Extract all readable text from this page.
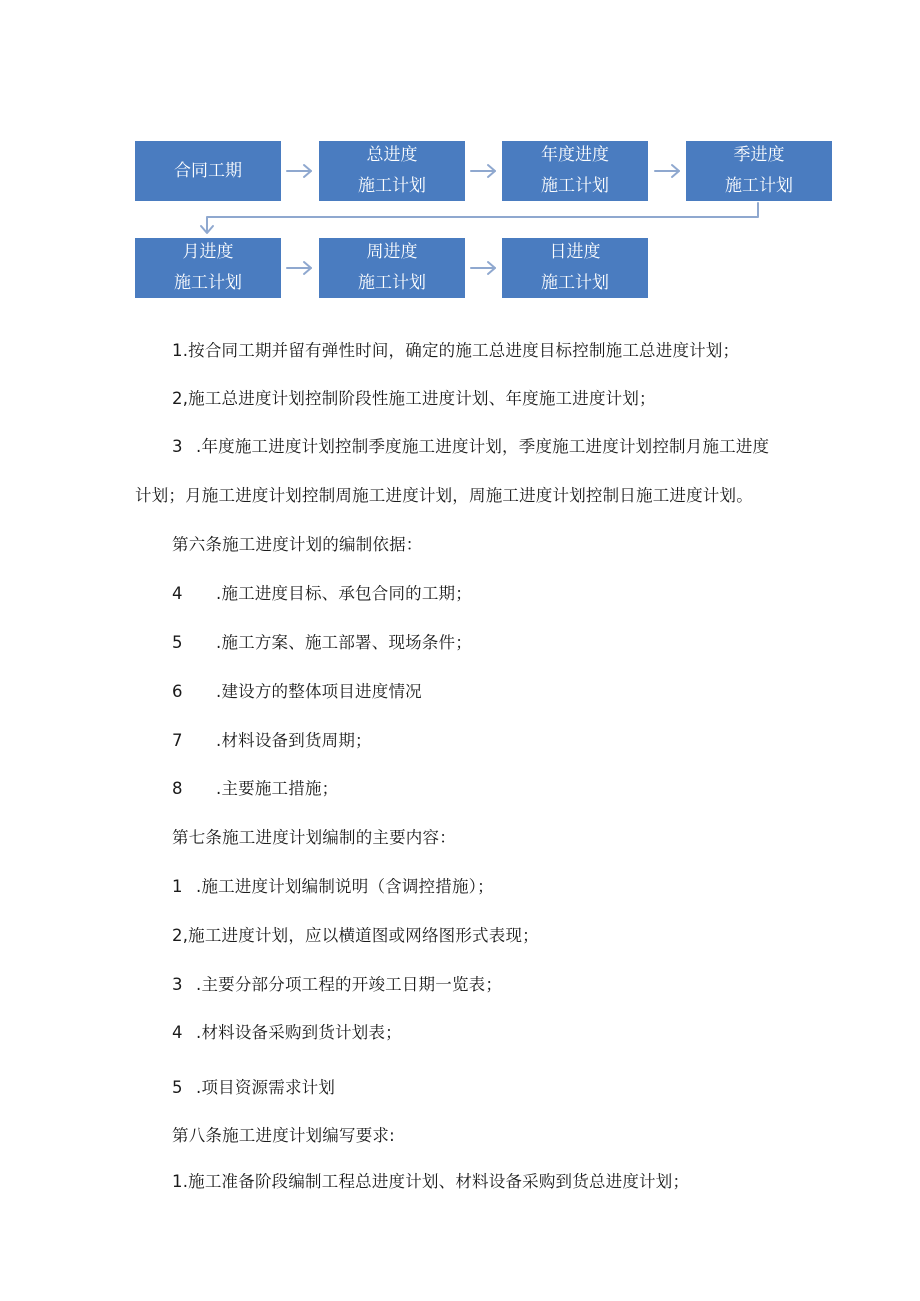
合同工期
总进度
施工计划
年度进度
施工计划
季进度
施工计划
月进度
施工计划
周进度
施工计划
日进度
施工计划
1.按合同工期并留有弹性时间，确定的施工总进度目标控制施工总进度计划；
2,施工总进度计划控制阶段性施工进度计划、年度施工进度计划；
3 .年度施工进度计划控制季度施工进度计划，季度施工进度计划控制月施工进度
计划；月施工进度计划控制周施工进度计划，周施工进度计划控制日施工进度计划。
第六条施工进度计划的编制依据：
4 .施工进度目标、承包合同的工期；
5 .施工方案、施工部署、现场条件；
6 .建设方的整体项目进度情况
7 .材料设备到货周期；
8 .主要施工措施；
第七条施工进度计划编制的主要内容：
1 .施工进度计划编制说明（含调控措施）；
2,施工进度计划，应以横道图或网络图形式表现；
3 .主要分部分项工程的开竣工日期一览表；
4 .材料设备采购到货计划表；
5 .项目资源需求计划
第八条施工进度计划编写要求:
1.施工准备阶段编制工程总进度计划、材料设备采购到货总进度计划；
